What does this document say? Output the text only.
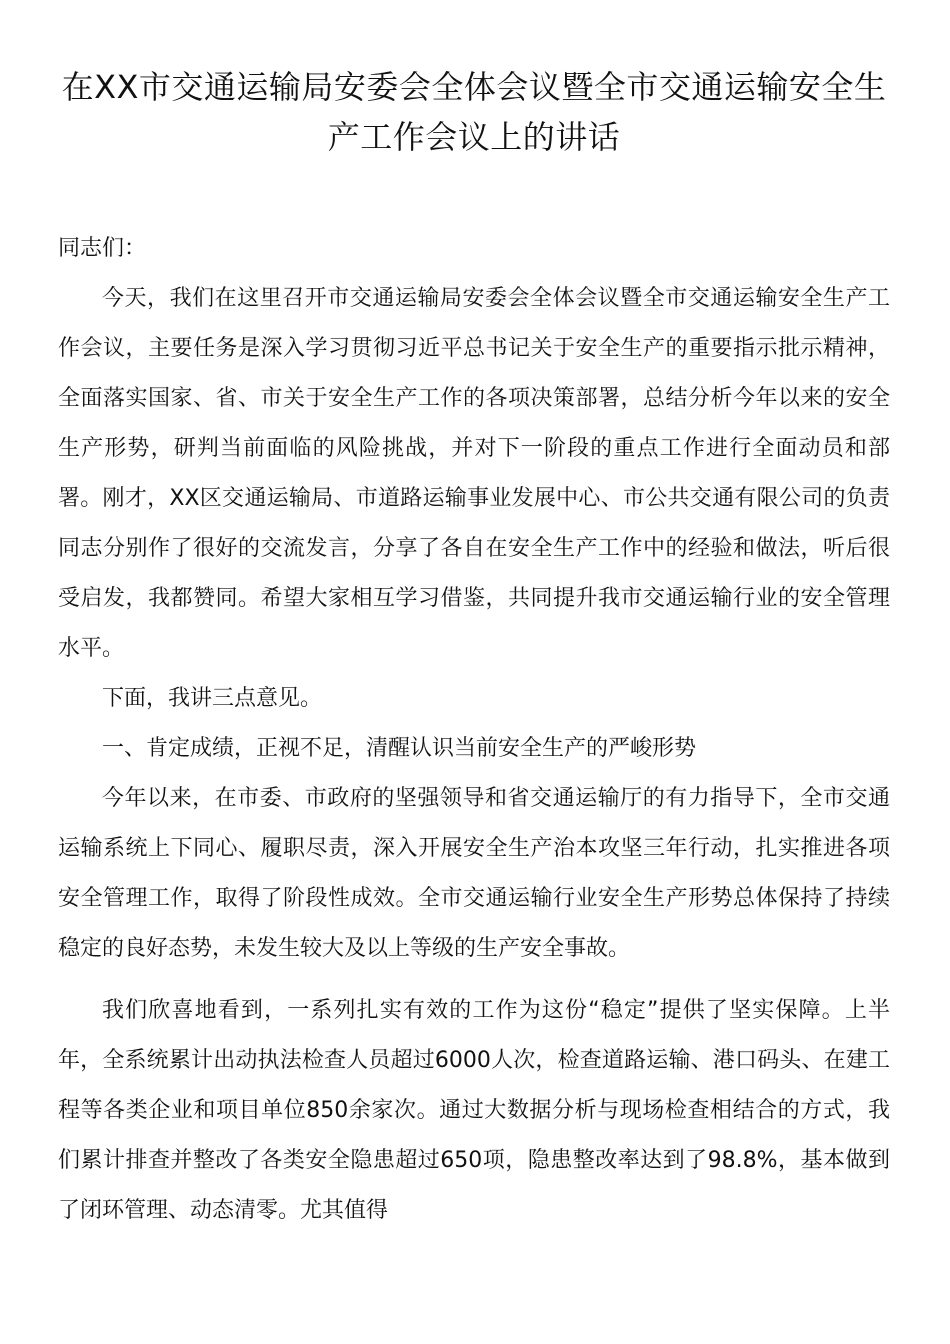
在XX市交通运输局安委会全体会议暨全市交通运输安全生产工作会议上的讲话

同志们：

今天，我们在这里召开市交通运输局安委会全体会议暨全市交通运输安全生产工作会议，主要任务是深入学习贯彻习近平总书记关于安全生产的重要指示批示精神，全面落实国家、省、市关于安全生产工作的各项决策部署，总结分析今年以来的安全生产形势，研判当前面临的风险挑战，并对下一阶段的重点工作进行全面动员和部署。刚才，XX区交通运输局、市道路运输事业发展中心、市公共交通有限公司的负责同志分别作了很好的交流发言，分享了各自在安全生产工作中的经验和做法，听后很受启发，我都赞同。希望大家相互学习借鉴，共同提升我市交通运输行业的安全管理水平。

下面，我讲三点意见。

一、肯定成绩，正视不足，清醒认识当前安全生产的严峻形势

今年以来，在市委、市政府的坚强领导和省交通运输厅的有力指导下，全市交通运输系统上下同心、履职尽责，深入开展安全生产治本攻坚三年行动，扎实推进各项安全管理工作，取得了阶段性成效。全市交通运输行业安全生产形势总体保持了持续稳定的良好态势，未发生较大及以上等级的生产安全事故。

我们欣喜地看到，一系列扎实有效的工作为这份“稳定”提供了坚实保障。上半年，全系统累计出动执法检查人员超过6000人次，检查道路运输、港口码头、在建工程等各类企业和项目单位850余家次。通过大数据分析与现场检查相结合的方式，我们累计排查并整改了各类安全隐患超过650项，隐患整改率达到了98.8%，基本做到了闭环管理、动态清零。尤其值得
